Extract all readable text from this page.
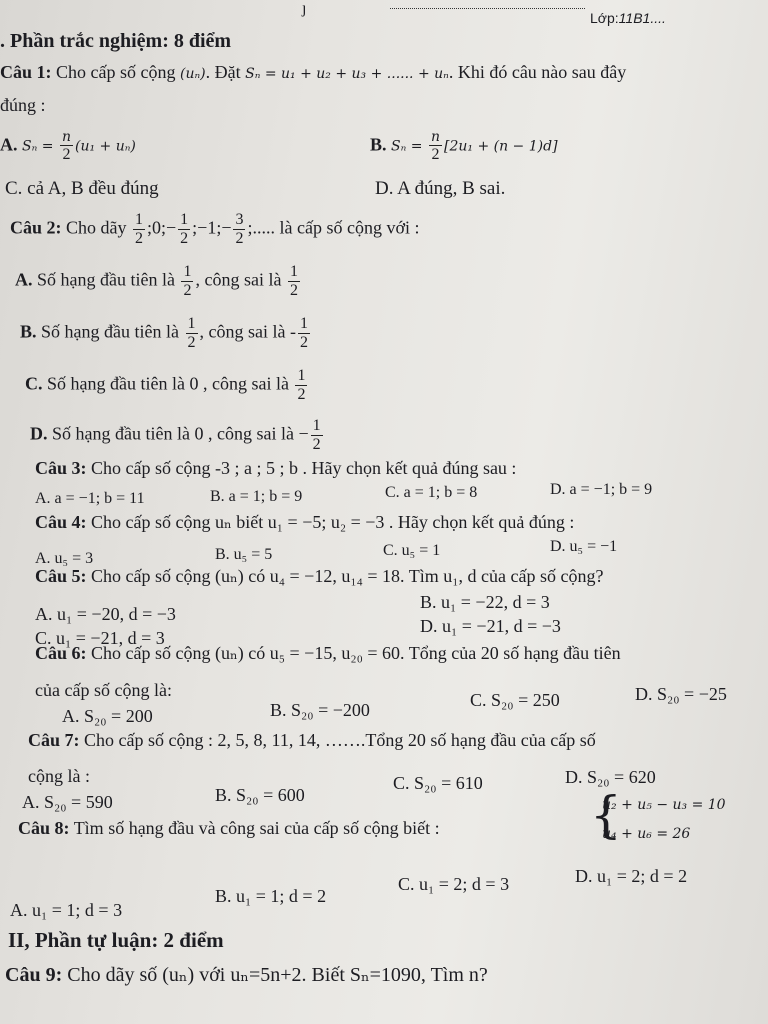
ȷ
Lớp:11B1....
. Phần trắc nghiệm: 8 điểm
Câu 1: Cho cấp số cộng (uₙ). Đặt Sₙ = u₁ + u₂ + u₃ + ...... + uₙ. Khi đó câu nào sau đây
đúng :
A. $S_n = \frac{n}{2} (u_1 + u_n)$	B. $S_n = \frac{n}{2} [2u_1 + (n - 1)d]$
C. cả A, B đều đúng	D. A đúng, B sai.
Câu 2: Cho dãy $\frac{1}{2}$ ;0;− $\frac{1}{2}$ ;−1;− $\frac{3}{2}$ ;..... là cấp số cộng với :
A. Số hạng đầu tiên là $\frac{1}{2}$ , công sai là $\frac{1}{2}$
B. Số hạng đầu tiên là $\frac{1}{2}$ , công sai là - $\frac{1}{2}$
C. Số hạng đầu tiên là 0 , công sai là $\frac{1}{2}$
D. Số hạng đầu tiên là 0 , công sai là − $\frac{1}{2}$
Câu 3: Cho cấp số cộng -3 ; a ; 5 ; b . Hãy chọn kết quả đúng sau :
A. a = −1; b = 11	B. a = 1; b = 9	C. a = 1; b = 8	D. a = −1; b = 9
Câu 4: Cho cấp số cộng uₙ biết u₁ = −5; u₂ = −3 . Hãy chọn kết quả đúng :
A. u₅ = 3	B. u₅ = 5	C. u₅ = 1	D. u₅ = −1
Câu 5: Cho cấp số cộng (uₙ) có u₄ = −12, u₁₄ = 18. Tìm u₁, d của cấp số cộng?
A. u₁ = −20, d = −3
B. u₁ = −22, d = 3
C. u₁ = −21, d = 3
D. u₁ = −21, d = −3
Câu 6: Cho cấp số cộng (uₙ) có u₅ = −15, u₂₀ = 60. Tổng của 20 số hạng đầu tiên
của cấp số cộng là:
A. S₂₀ = 200	B. S₂₀ = −200	C. S₂₀ = 250	D. S₂₀ = −25
Câu 7: Cho cấp số cộng : 2, 5, 8, 11, 14, …….Tổng 20 số hạng đầu của cấp số
cộng là :
A. S₂₀ = 590	B. S₂₀ = 600
C. S₂₀ = 610	D. S₂₀ = 620
Câu 8: Tìm số hạng đầu và công sai của cấp số cộng biết :	{
u₂ + u₅ − u₃ = 10
u₄ + u₆ = 26
A. u₁ = 1; d = 3
B. u₁ = 1; d = 2
C. u₁ = 2; d = 3	D. u₁ = 2; d = 2
II, Phần tự luận: 2 điểm
Câu 9: Cho dãy số (uₙ) với uₙ=5n+2. Biết Sₙ=1090, Tìm n?
